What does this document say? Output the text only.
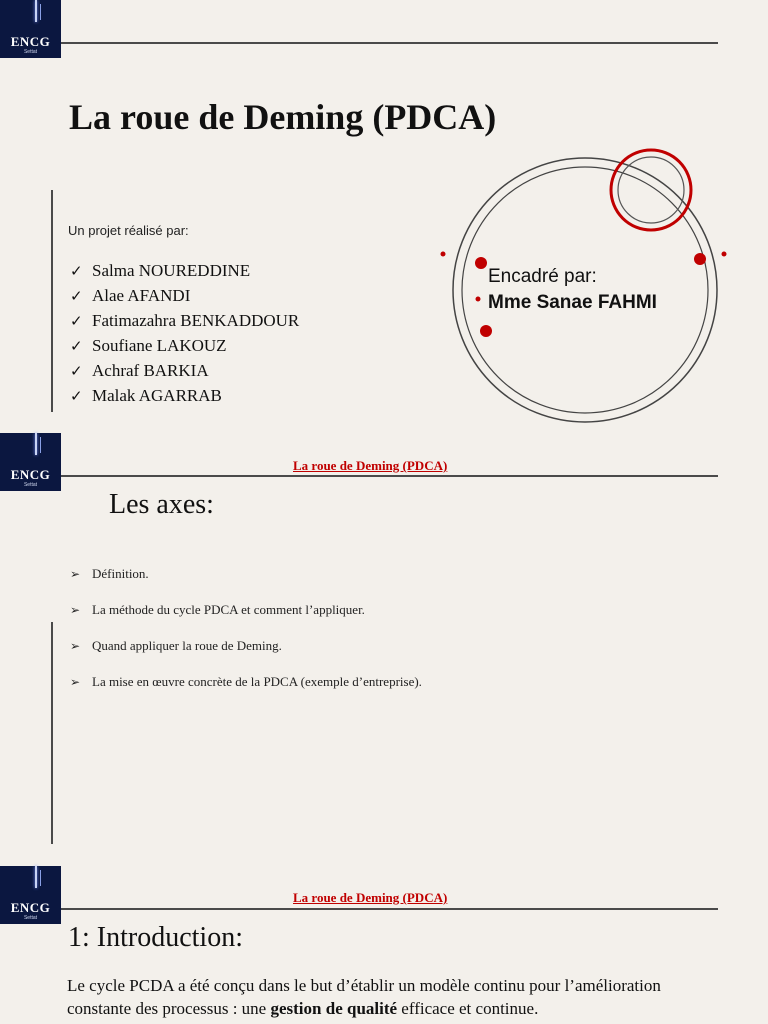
ENCG
Settat
La roue de Deming (PDCA)
Un projet réalisé par:
✓ Salma NOUREDDINE
✓ Alae AFANDI
✓ Fatimazahra BENKADDOUR
✓ Soufiane LAKOUZ
✓ Achraf BARKIA
✓ Malak AGARRAB
Encadré par:
Mme Sanae FAHMI
ENCG
Settat
La roue de Deming (PDCA)
Les axes:
➢ Définition.
➢ La méthode du cycle PDCA et comment l’appliquer.
➢ Quand appliquer la roue de Deming.
➢ La mise en œuvre concrète de la PDCA (exemple d’entreprise).
ENCG
Settat
La roue de Deming (PDCA)
1: Introduction:
Le cycle PCDA a été conçu dans le but d’établir un modèle continu pour l’amélioration constante des processus : une gestion de qualité efficace et continue.
